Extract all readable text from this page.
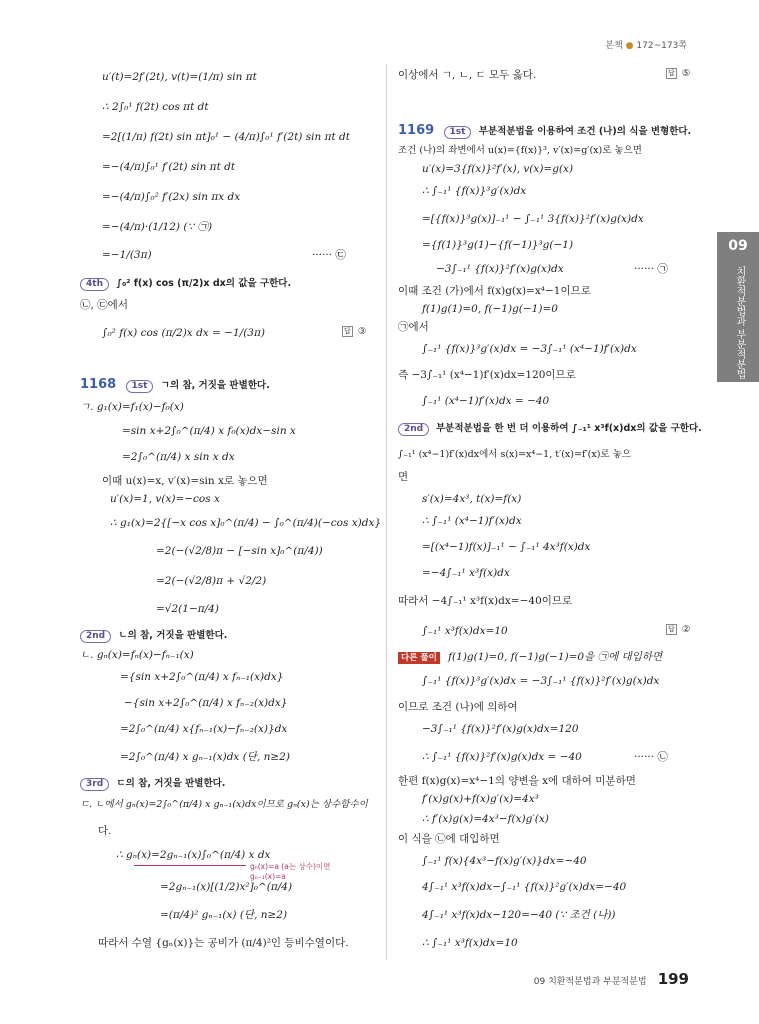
본책 ● 172~173쪽
09
치환적분법과 부분적분법
u′(t)=2f′(2t), v(t)=(1/π) sin πt
∴ 2∫₀¹ f(2t) cos πt dt
=2[(1/π) f(2t) sin πt]₀¹ − (4/π)∫₀¹ f′(2t) sin πt dt
=−(4/π)∫₀¹ f′(2t) sin πt dt
=−(4/π)∫₀² f′(2x) sin πx dx
=−(4/π)·(1/12) (∵ ㉠)
=−1/(3π)	······ ㉢
4th ∫₀² f(x) cos (π/2)x dx의 값을 구한다.
㉡, ㉢에서
∫₀² f(x) cos (π/2)x dx = −1/(3π)	답 ③
1168 1st ㄱ의 참, 거짓을 판별한다.
ㄱ. g₁(x)=f₁(x)−f₀(x)
=sin x+2∫₀^(π/4) x f₀(x)dx−sin x
=2∫₀^(π/4) x sin x dx
이때 u(x)=x, v′(x)=sin x로 놓으면
u′(x)=1, v(x)=−cos x
∴ g₁(x)=2{[−x cos x]₀^(π/4) − ∫₀^(π/4)(−cos x)dx}
=2(−(√2/8)π − [−sin x]₀^(π/4))
=2(−(√2/8)π + √2/2)
=√2(1−π/4)
2nd ㄴ의 참, 거짓을 판별한다.
ㄴ. gₙ(x)=fₙ(x)−fₙ₋₁(x)
={sin x+2∫₀^(π/4) x fₙ₋₁(x)dx}
−{sin x+2∫₀^(π/4) x fₙ₋₂(x)dx}
=2∫₀^(π/4) x{fₙ₋₁(x)−fₙ₋₂(x)}dx
=2∫₀^(π/4) x gₙ₋₁(x)dx (단, n≥2)
3rd ㄷ의 참, 거짓을 판별한다.
ㄷ. ㄴ에서 gₙ(x)=2∫₀^(π/4) x gₙ₋₁(x)dx이므로 gₙ(x)는 상수함수이
다.
∴ gₙ(x)=2gₙ₋₁(x)∫₀^(π/4) x dx
gₙ(x)=a (a는 상수)이면
gₙ₋₁(x)=a
=2gₙ₋₁(x)[(1/2)x²]₀^(π/4)
=(π/4)² gₙ₋₁(x) (단, n≥2)
따라서 수열 {gₙ(x)}는 공비가 (π/4)²인 등비수열이다.
이상에서 ㄱ, ㄴ, ㄷ 모두 옳다.	답 ⑤
1169 1st 부분적분법을 이용하여 조건 (나)의 식을 변형한다.
조건 (나)의 좌변에서 u(x)={f(x)}³, v′(x)=g′(x)로 놓으면
u′(x)=3{f(x)}²f′(x), v(x)=g(x)
∴ ∫₋₁¹ {f(x)}³g′(x)dx
=[{f(x)}³g(x)]₋₁¹ − ∫₋₁¹ 3{f(x)}²f′(x)g(x)dx
={f(1)}³g(1)−{f(−1)}³g(−1)
−3∫₋₁¹ {f(x)}²f′(x)g(x)dx	······ ㉠
이때 조건 (가)에서 f(x)g(x)=x⁴−1이므로
f(1)g(1)=0, f(−1)g(−1)=0
㉠에서
∫₋₁¹ {f(x)}³g′(x)dx = −3∫₋₁¹ (x⁴−1)f′(x)dx
즉 −3∫₋₁¹ (x⁴−1)f′(x)dx=120이므로
∫₋₁¹ (x⁴−1)f′(x)dx = −40
2nd 부분적분법을 한 번 더 이용하여 ∫₋₁¹ x³f(x)dx의 값을 구한다.
∫₋₁¹ (x⁴−1)f′(x)dx에서 s(x)=x⁴−1, t′(x)=f′(x)로 놓으
면
s′(x)=4x³, t(x)=f(x)
∴ ∫₋₁¹ (x⁴−1)f′(x)dx
=[(x⁴−1)f(x)]₋₁¹ − ∫₋₁¹ 4x³f(x)dx
=−4∫₋₁¹ x³f(x)dx
따라서 −4∫₋₁¹ x³f(x)dx=−40이므로
∫₋₁¹ x³f(x)dx=10	답 ②
다른 풀이 f(1)g(1)=0, f(−1)g(−1)=0을 ㉠에 대입하면
∫₋₁¹ {f(x)}³g′(x)dx = −3∫₋₁¹ {f(x)}²f′(x)g(x)dx
이므로 조건 (나)에 의하여
−3∫₋₁¹ {f(x)}²f′(x)g(x)dx=120
∴ ∫₋₁¹ {f(x)}²f′(x)g(x)dx = −40	······ ㉡
한편 f(x)g(x)=x⁴−1의 양변을 x에 대하여 미분하면
f′(x)g(x)+f(x)g′(x)=4x³
∴ f′(x)g(x)=4x³−f(x)g′(x)
이 식을 ㉡에 대입하면
∫₋₁¹ f(x){4x³−f(x)g′(x)}dx=−40
4∫₋₁¹ x³f(x)dx−∫₋₁¹ {f(x)}²g′(x)dx=−40
4∫₋₁¹ x³f(x)dx−120=−40 (∵ 조건 (나))
∴ ∫₋₁¹ x³f(x)dx=10
09 치환적분법과 부분적분법 199
